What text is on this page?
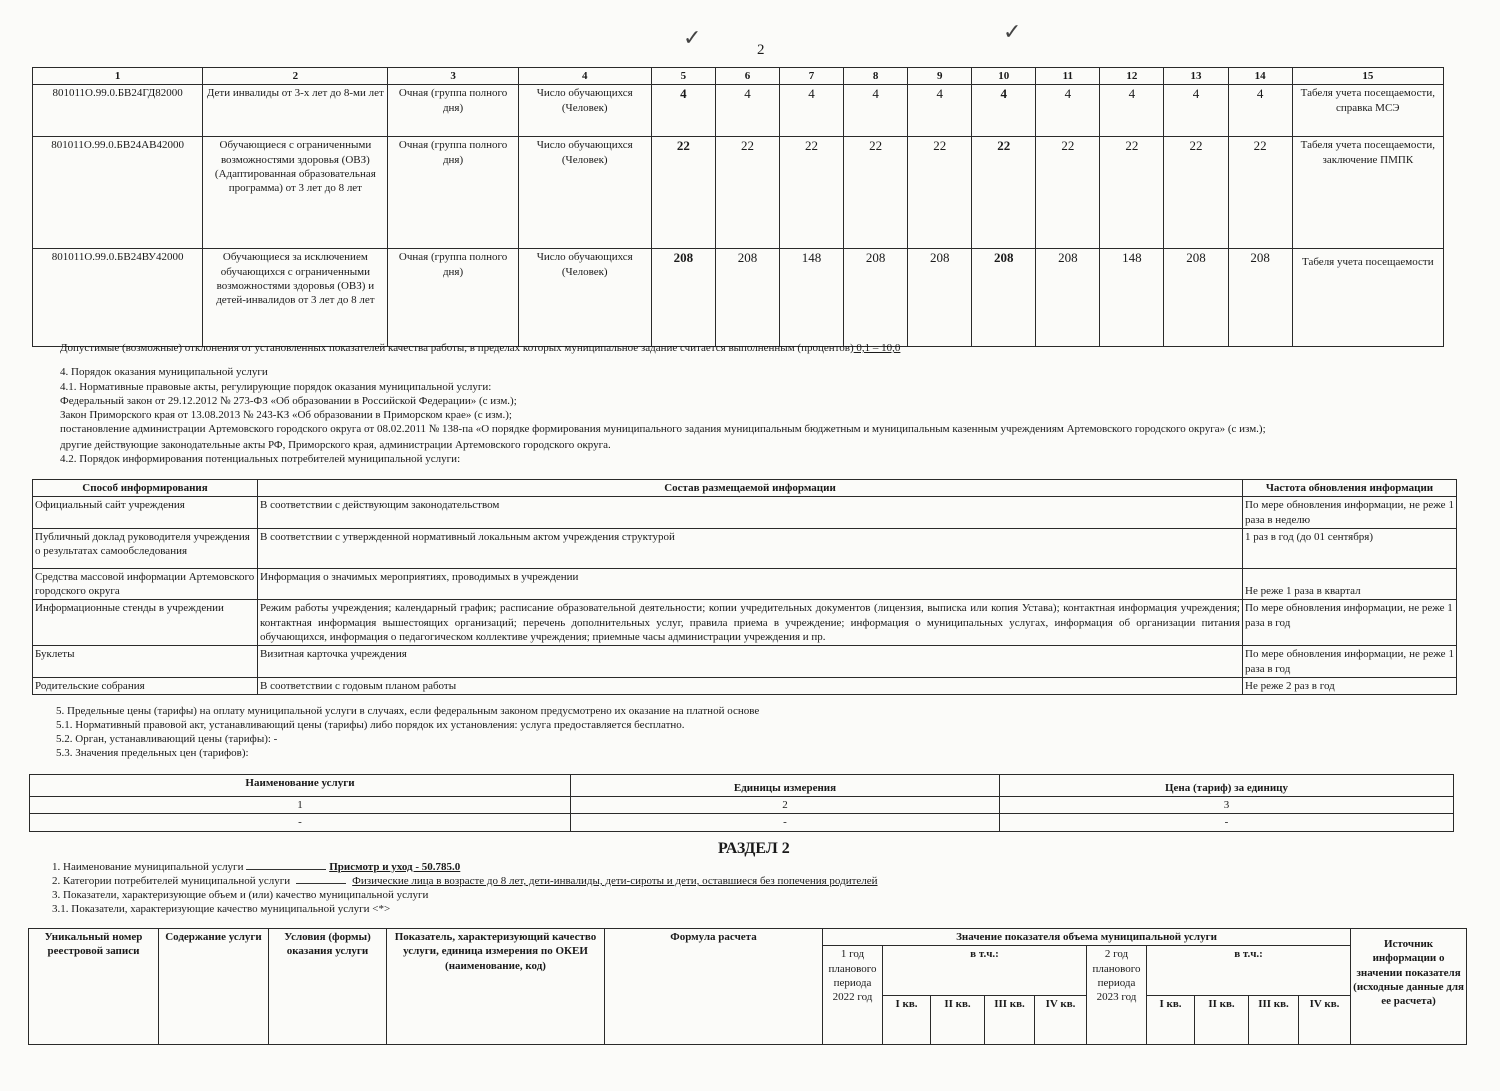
✓	✓
2
1	2	3	4	5	6	7	8	9	10	11	12	13	14	15
801011О.99.0.БВ24ГД82000	Дети инвалиды от 3-х лет до 8-ми лет	Очная (группа полного дня)	Число обучающихся (Человек)	4	4	4	4	4	4	4	4	4	4	Табеля учета посещаемости, справка МСЭ
801011О.99.0.БВ24АВ42000	Обучающиеся с ограниченными возможностями здоровья (ОВЗ) (Адаптированная образовательная программа) от 3 лет до 8 лет	Очная (группа полного дня)	Число обучающихся (Человек)	22	22	22	22	22	22	22	22	22	22	Табеля учета посещаемости, заключение ПМПК
801011О.99.0.БВ24ВУ42000	Обучающиеся за исключением обучающихся с ограниченными возможностями здоровья (ОВЗ) и детей-инвалидов от 3 лет до 8 лет	Очная (группа полного дня)	Число обучающихся (Человек)	208	208	148	208	208	208	208	148	208	208	Табеля учета посещаемости
Допустимые (возможные) отклонения от установленных показателей качества работы, в пределах которых муниципальное задание считается выполненным (процентов) 0,1 – 10,0
4. Порядок оказания муниципальной услуги
4.1. Нормативные правовые акты, регулирующие порядок оказания муниципальной услуги:
Федеральный закон от 29.12.2012 № 273-ФЗ «Об образовании в Российской Федерации» (с изм.);
Закон Приморского края от 13.08.2013 № 243-КЗ «Об образовании в Приморском крае» (с изм.);
постановление администрации Артемовского городского округа от 08.02.2011 № 138-па «О порядке формирования муниципального задания муниципальным бюджетным и муниципальным казенным учреждениям Артемовского городского округа» (с изм.);
другие действующие законодательные акты РФ, Приморского края, администрации Артемовского городского округа.
4.2. Порядок информирования потенциальных потребителей муниципальной услуги:
Способ информирования	Состав размещаемой информации	Частота обновления информации
Официальный сайт учреждения	В соответствии с действующим законодательством	По мере обновления информации, не реже 1 раза в неделю
Публичный доклад руководителя учреждения о результатах самообследования	В соответствии с утвержденной нормативный локальным актом учреждения структурой	1 раз в год (до 01 сентября)
Средства массовой информации Артемовского городского округа	Информация о значимых мероприятиях, проводимых в учреждении	Не реже 1 раза в квартал
Информационные стенды в учреждении	Режим работы учреждения; календарный график; расписание образовательной деятельности; копии учредительных документов (лицензия, выписка или копия Устава); контактная информация учреждения; контактная информация вышестоящих организаций; перечень дополнительных услуг, правила приема в учреждение; информация о муниципальных услугах, информация об организации питания обучающихся, информация о педагогическом коллективе учреждения; приемные часы администрации учреждения и пр.	По мере обновления информации, не реже 1 раза в год
Буклеты	Визитная карточка учреждения	По мере обновления информации, не реже 1 раза в год
Родительские собрания	В соответствии с годовым планом работы	Не реже 2 раз в год
5. Предельные цены (тарифы) на оплату муниципальной услуги в случаях, если федеральным законом предусмотрено их оказание на платной основе
5.1. Нормативный правовой акт, устанавливающий цены (тарифы) либо порядок их установления: услуга предоставляется бесплатно.
5.2. Орган, устанавливающий цены (тарифы): -
5.3. Значения предельных цен (тарифов):
Наименование услуги	Единицы измерения	Цена (тариф) за единицу
1	2	3
-	-	-
РАЗДЕЛ 2
1. Наименование муниципальной услуги	Присмотр и уход - 50.785.0
2. Категории потребителей муниципальной услуги	Физические лица в возрасте до 8 лет, дети-инвалиды, дети-сироты и дети, оставшиеся без попечения родителей
3. Показатели, характеризующие объем и (или) качество муниципальной услуги
3.1. Показатели, характеризующие качество муниципальной услуги <*>
Уникальный номер реестровой записи	Содержание услуги	Условия (формы) оказания услуги	Показатель, характеризующий качество услуги, единица измерения по ОКЕИ (наименование, код)	Формула расчета	Значение показателя объема муниципальной услуги										Источник информации о значении показателя (исходные данные для ее расчета)
					1 год планового периода 2022 год	в т.ч.:				2 год планового периода 2023 год	в т.ч.:				
						I кв.	II кв.	III кв.	IV кв.		I кв.	II кв.	III кв.	IV кв.	
